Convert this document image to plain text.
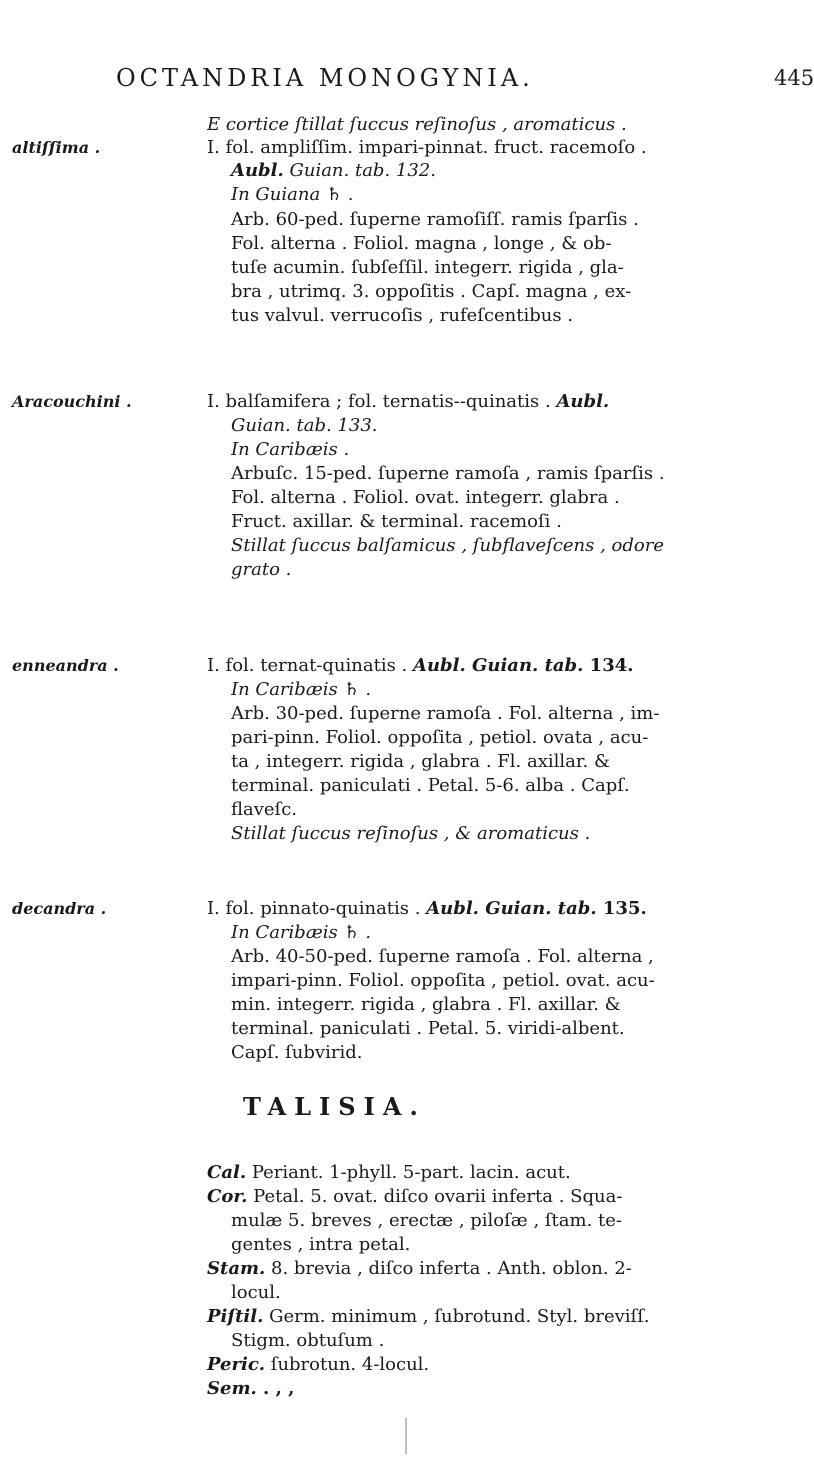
OCTANDRIA MONOGYNIA.	445
altiſſima .
Aracouchini .
enneandra .
decandra .
E cortice ſtillat ſuccus reſinoſus , aromaticus .
I. fol. ampliſſim. impari-pinnat. fruct. racemoſo .
Aubl. Guian. tab. 132.
In Guiana ♄ .
Arb. 60-ped. ſuperne ramoſiſſ. ramis ſparſis .
Fol. alterna . Foliol. magna , longe , & ob-
tuſe acumin. ſubſeſſil. integerr. rigida , gla-
bra , utrimq. 3. oppoſitis . Capſ. magna , ex-
tus valvul. verrucoſis , rufeſcentibus .
I. balſamifera ; fol. ternatis--quinatis . Aubl.
Guian. tab. 133.
In Caribæis .
Arbuſc. 15-ped. ſuperne ramoſa , ramis ſparſis .
Fol. alterna . Foliol. ovat. integerr. glabra .
Fruct. axillar. & terminal. racemoſi .
Stillat ſuccus balſamicus , ſubflaveſcens , odore
grato .
I. fol. ternat-quinatis . Aubl. Guian. tab. 134.
In Caribæis ♄ .
Arb. 30-ped. ſuperne ramoſa . Fol. alterna , im-
pari-pinn. Foliol. oppoſita , petiol. ovata , acu-
ta , integerr. rigida , glabra . Fl. axillar. &
terminal. paniculati . Petal. 5-6. alba . Capſ.
flaveſc.
Stillat ſuccus reſinoſus , & aromaticus .
I. fol. pinnato-quinatis . Aubl. Guian. tab. 135.
In Caribæis ♄ .
Arb. 40-50-ped. ſuperne ramoſa . Fol. alterna ,
impari-pinn. Foliol. oppoſita , petiol. ovat. acu-
min. integerr. rigida , glabra . Fl. axillar. &
terminal. paniculati . Petal. 5. viridi-albent.
Capſ. ſubvirid.
TALISIA.
Cal. Periant. 1-phyll. 5-part. lacin. acut.
Cor. Petal. 5. ovat. diſco ovarii inferta . Squa-
mulæ 5. breves , erectæ , piloſæ , ſtam. te-
gentes , intra petal.
Stam. 8. brevia , diſco inferta . Anth. oblon. 2-
locul.
Piſtil. Germ. minimum , ſubrotund. Styl. breviſſ.
Stigm. obtuſum .
Peric. ſubrotun. 4-locul.
Sem. . , ,
